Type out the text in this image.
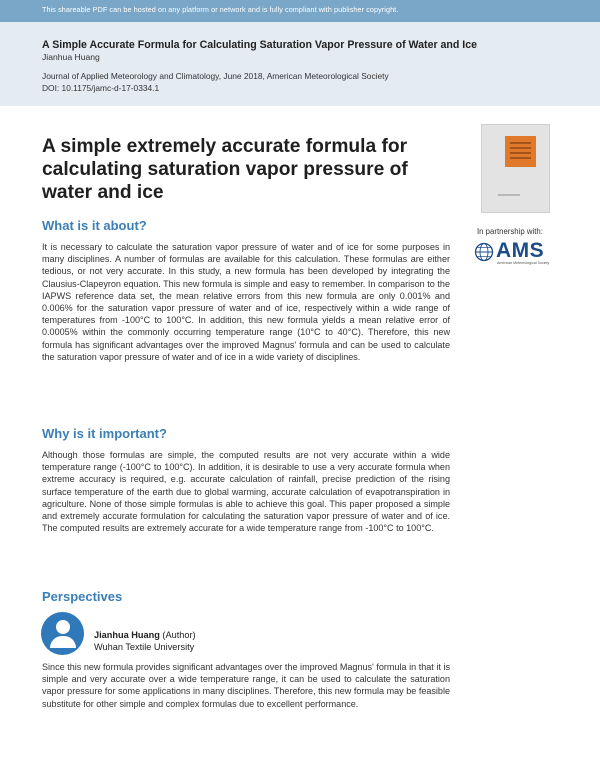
This shareable PDF can be hosted on any platform or network and is fully compliant with publisher copyright.
A Simple Accurate Formula for Calculating Saturation Vapor Pressure of Water and Ice
Jianhua Huang
Journal of Applied Meteorology and Climatology, June 2018, American Meteorological Society
DOI: 10.1175/jamc-d-17-0334.1
A simple extremely accurate formula for calculating saturation vapor pressure of water and ice
In partnership with:
AMS
American Meteorological Society
What is it about?

It is necessary to calculate the saturation vapor pressure of water and of ice for some purposes in many disciplines. A number of formulas are available for this calculation. These formulas are either tedious, or not very accurate. In this study, a new formula has been developed by integrating the Clausius-Clapeyron equation. This new formula is simple and easy to remember. In comparison to the IAPWS reference data set, the mean relative errors from this new formula are only 0.001% and 0.006% for the saturation vapor pressure of water and of ice, respectively within a wide range of temperatures from -100°C to 100°C. In addition, this new formula yields a mean relative error of 0.0005% within the commonly occurring temperature range (10°C to 40°C). Therefore, this new formula has significant advantages over the improved Magnus' formula and can be used to calculate the saturation vapor pressure of water and of ice in a wide variety of disciplines.

Why is it important?

Although those formulas are simple, the computed results are not very accurate within a wide temperature range (-100°C to 100°C). In addition, it is desirable to use a very accurate formula when extreme accuracy is required, e.g. accurate calculation of rainfall, precise prediction of the rising surface temperature of the earth due to global warming, accurate calculation of evapotranspiration in agriculture. None of those simple formulas is able to achieve this goal. This paper proposed a simple and extremely accurate formulation for calculating the saturation vapor pressure of water and of ice. The computed results are extremely accurate for a wide temperature range from -100°C to 100°C.

Perspectives
Jianhua Huang (Author)
Wuhan Textile University

Since this new formula provides significant advantages over the improved Magnus' formula in that it is simple and very accurate over a wide temperature range, it can be used to calculate the saturation vapor pressure for some applications in many disciplines. Therefore, this new formula may be feasible substitute for other simple and complex formulas due to excellent performance.
